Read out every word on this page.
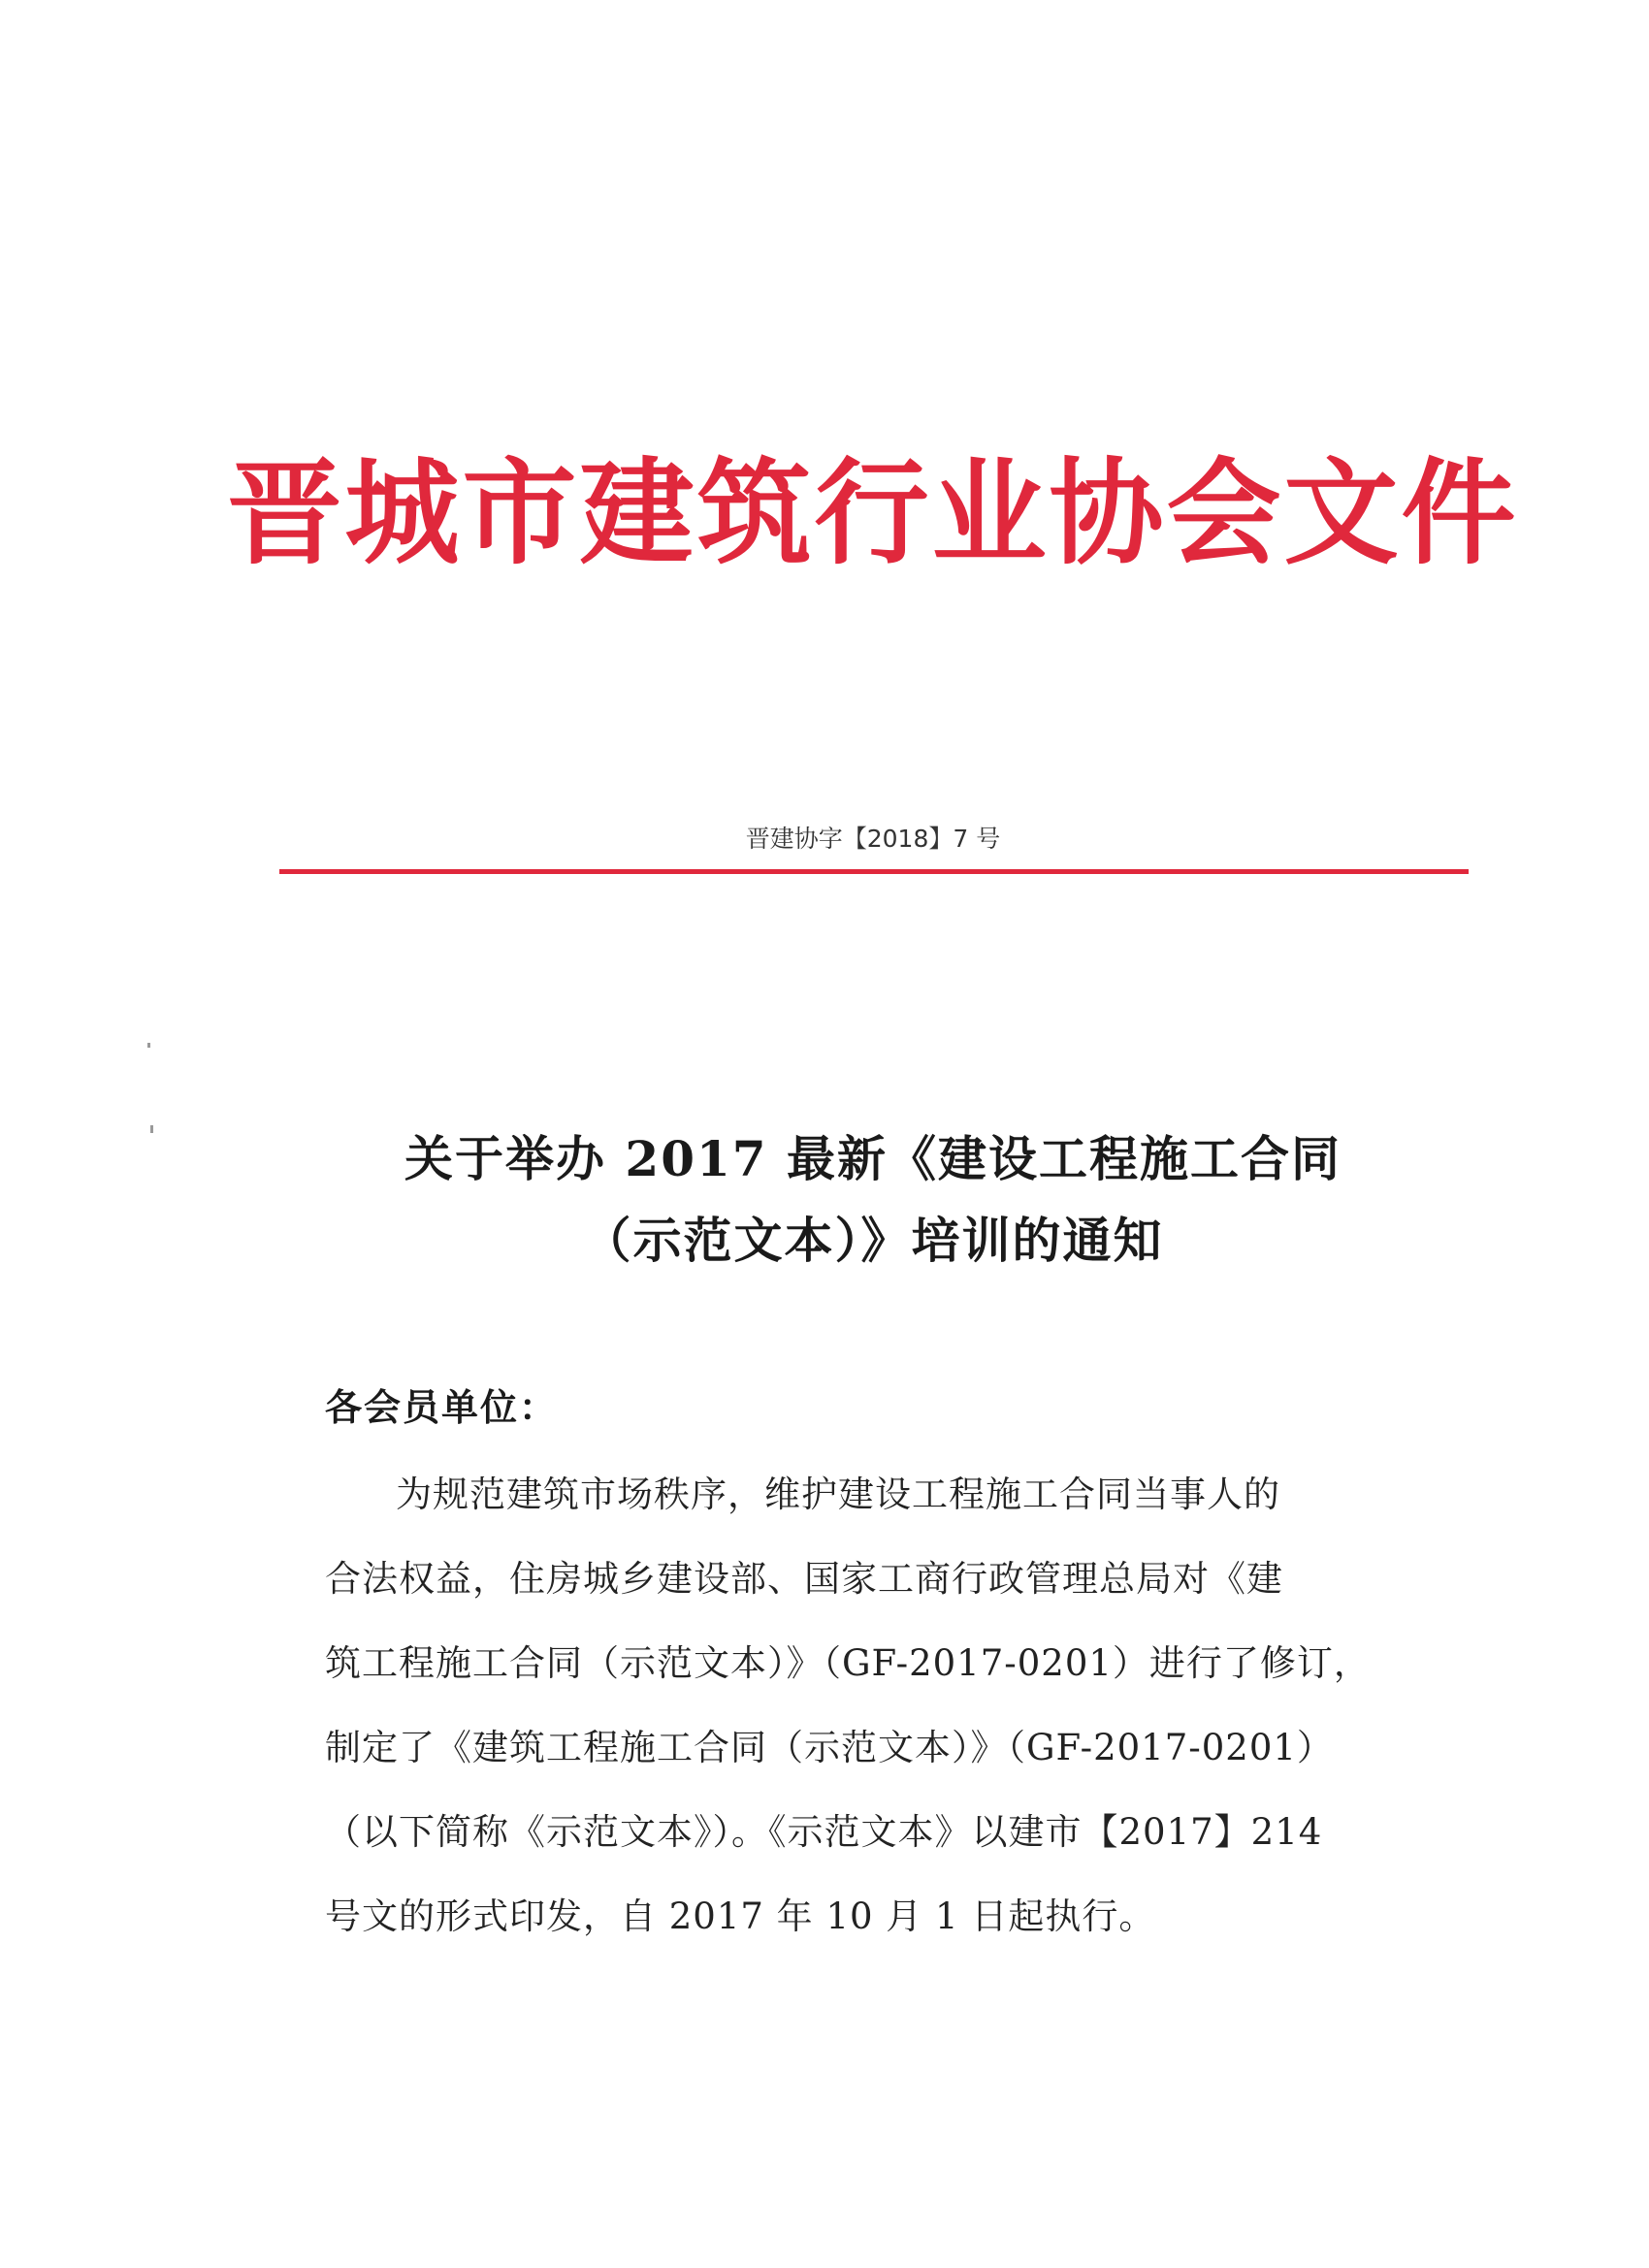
晋城市建筑行业协会文件
晋建协字【2018】7 号
关于举办 2017 最新《建设工程施工合同
（示范文本）》培训的通知
各会员单位：
为规范建筑市场秩序，维护建设工程施工合同当事人的
合法权益，住房城乡建设部、国家工商行政管理总局对《建
筑工程施工合同（示范文本）》（GF-2017-0201）进行了修订，
制定了《建筑工程施工合同（示范文本）》（GF-2017-0201）
（以下简称《示范文本》）。《示范文本》以建市【2017】214
号文的形式印发，自 2017 年 10 月 1 日起执行。
